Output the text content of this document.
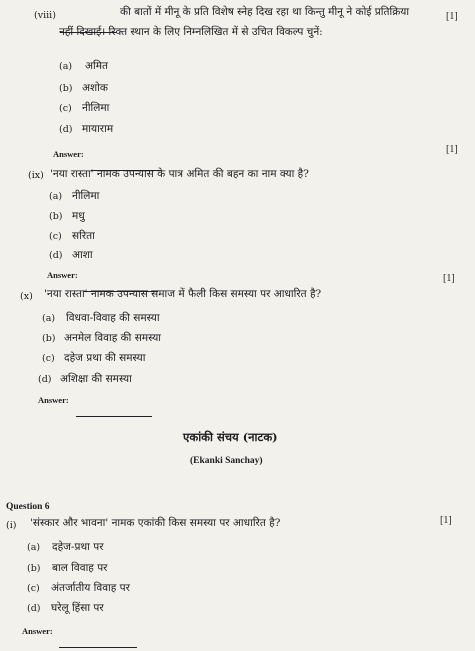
(viii)	की बातों में मीनू के प्रति विशेष स्नेह दिख रहा था किन्तु मीनू ने कोई प्रतिक्रिया	[1]
नहीं दिखाई। रिक्त स्थान के लिए निम्नलिखित में से उचित विकल्प चुनें:
(a) अमित
(b) अशोक
(c) नीलिमा
(d) मायाराम
Answer:	[1]
(ix) 'नया रास्ता' नामक उपन्यास के पात्र अमित की बहन का नाम क्या है?
(a) नीलिमा
(b) मधु
(c) सरिता
(d) आशा
Answer:	[1]
(x) 'नया रास्ता' नामक उपन्यास समाज में फैली किस समस्या पर आधारित है?
(a) विधवा-विवाह की समस्या
(b) अनमेल विवाह की समस्या
(c) दहेज प्रथा की समस्या
(d) अशिक्षा की समस्या
Answer:
एकांकी संचय (नाटक)
(Ekanki Sanchay)
Question 6
(i) 'संस्कार और भावना' नामक एकांकी किस समस्या पर आधारित है?	[1]
(a) दहेज-प्रथा पर
(b) बाल विवाह पर
(c) अंतर्जातीय विवाह पर
(d) घरेलू हिंसा पर
Answer:
